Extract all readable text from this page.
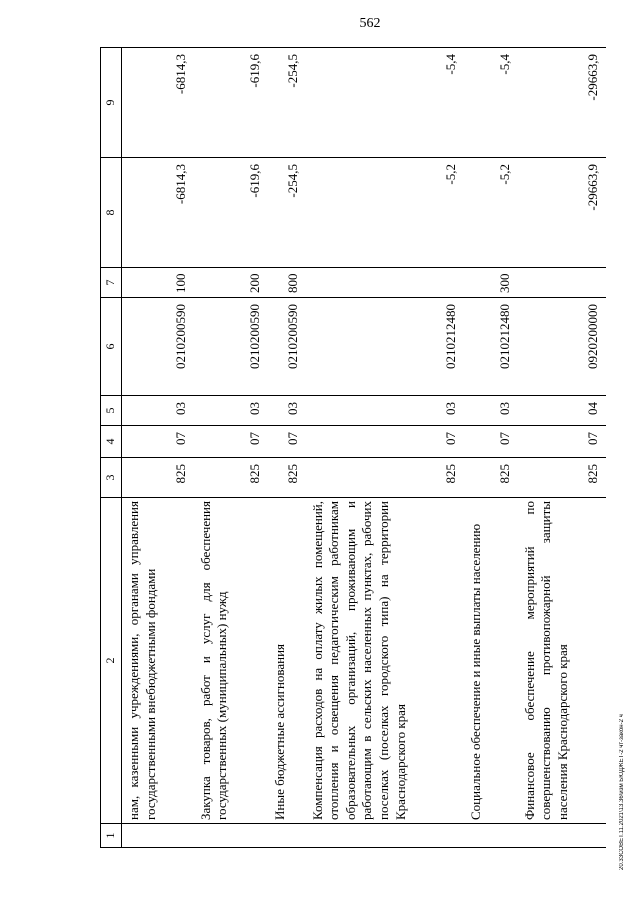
562
20.3ЗСОВЕТ.11.2021\13.36\изм БЮДЖЕТ-2 чт-закон-2 ч
1	2	3	4	5	6	7	8	9

	нам, казенными учреждениями, органами управления государственными внебюджетными фондами	825	07	03	0210200590	100	-6814,3	-6814,3

	Закупка товаров, работ и услуг для обеспечения государственных (муниципальных) нужд	825	07	03	0210200590	200	-619,6	-619,6

	Иные бюджетные ассигнования	825	07	03	0210200590	800	-254,5	-254,5

	Компенсация расходов на оплату жилых помещений, отопления и освещения педагогическим работникам образовательных организаций, проживающим и работающим в сельских населенных пунктах, рабочих поселках (поселках городского типа) на территории Краснодарского края	825	07	03	0210212480		-5,2	-5,4

	Социальное обеспечение и иные выплаты населению	825	07	03	0210212480	300	-5,2	-5,4

	Финансовое обеспечение мероприятий по совершенствованию противопожарной защиты населения Краснодарского края	825	07	04	0920200000		-29663,9	-29663,9
